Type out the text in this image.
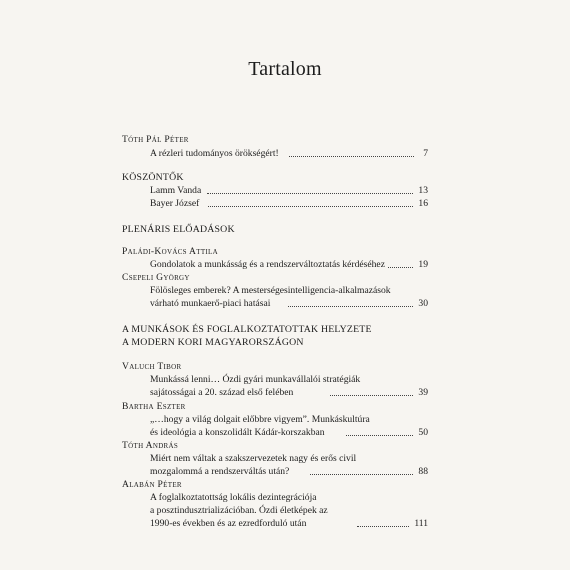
Tartalom
Tóth Pál Péter
A rézleri tudományos örökségért!	7
KÖSZÖNTŐK
Lamm Vanda	13
Bayer József	16
PLENÁRIS ELŐADÁSOK
Paládi-Kovács Attila
Gondolatok a munkásság és a rendszerváltoztatás kérdéséhez	19
Csepeli György
Fölösleges emberek? A mesterségesintelligencia-alkalmazások
várható munkaerő-piaci hatásai	30
A MUNKÁSOK ÉS FOGLALKOZTATOTTAK HELYZETE
A MODERN KORI MAGYARORSZÁGON
Valuch Tibor
Munkássá lenni… Ózdi gyári munkavállalói stratégiák
sajátosságai a 20. század első felében	39
Bartha Eszter
„…hogy a világ dolgait előbbre vigyem”. Munkáskultúra
és ideológia a konszolidált Kádár-korszakban	50
Tóth András
Miért nem váltak a szakszervezetek nagy és erős civil
mozgalommá a rendszerváltás után?	88
Alabán Péter
A foglalkoztatottság lokális dezintegrációja
a posztindusztrializációban. Ózdi életképek az
1990-es években és az ezredforduló után	111
